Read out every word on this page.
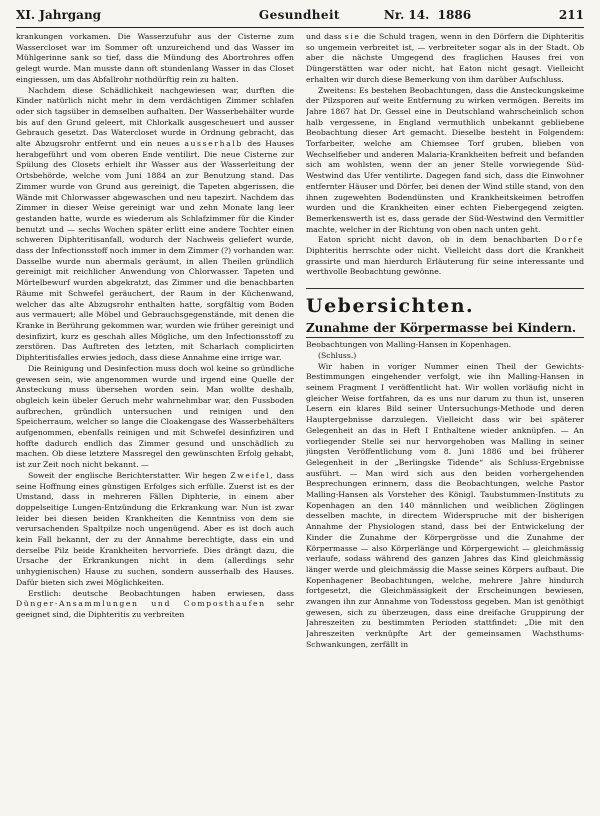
XI. Jahrgang	Gesundheit	Nr. 14. 1886	211

krankungen vorkamen. Die Wasserzufuhr aus der Cisterne zum Wassercloset war im Sommer oft unzureichend und das Wasser im Mühlgerinne sank so tief, dass die Mündung des Abortrohres offen gelegt wurde. Man musste dann oft stundenlang Wasser in das Closet eingiessen, um das Abfallrohr nothdürftig rein zu halten.

Nachdem diese Schädlichkeit nachgewiesen war, durften die Kinder natürlich nicht mehr in dem verdächtigen Zimmer schlafen oder sich tagsüber in demselben aufhalten. Der Wasserbehälter wurde bis auf den Grund geleert, mit Chlorkalk ausgescheuert und ausser Gebrauch gesetzt. Das Watercloset wurde in Ordnung gebracht, das alte Abzugsrohr entfernt und ein neues ausserhalb des Hauses herabgeführt und vom oberen Ende ventilirt. Die neue Cisterne zur Spülung des Closets erhielt ihr Wasser aus der Wasserleitung der Ortsbehörde, welche vom Juni 1884 an zur Benutzung stand. Das Zimmer wurde von Grund aus gereinigt, die Tapeten abgerissen, die Wände mit Chlorwasser abgewaschen und neu tapezirt. Nachdem das Zimmer in dieser Weise gereinigt war und zehn Monate lang leer gestanden hatte, wurde es wiederum als Schlafzimmer für die Kinder benutzt und — sechs Wochen später erlitt eine andere Tochter einen schweren Diphteritisanfall, wodurch der Nachweis geliefert wurde, dass der Infectionsstoff noch immer in dem Zimmer (?) vorhanden war. Dasselbe wurde nun abermals geräumt, in allen Theilen gründlich gereinigt mit reichlicher Anwendung von Chlorwasser. Tapeten und Mörtelbewurf wurden abgekratzt, das Zimmer und die benachbarten Räume mit Schwefel geräuchert, der Raum in der Küchenwand, welcher das alte Abzugsrohr enthalten hatte, sorgfältig vom Boden aus vermauert; alle Möbel und Gebrauchsgegenstände, mit denen die Kranke in Berührung gekommen war, wurden wie früher gereinigt und desinfizirt, kurz es geschah alles Mögliche, um den Infectionsstoff zu zerstören. Das Auftreten des letzten, mit Scharlach complicirten Diphteritisfalles erwies jedoch, dass diese Annahme eine irrige war.

Die Reinigung und Desinfection muss doch wol keine so gründliche gewesen sein, wie angenommen wurde und irgend eine Quelle der Ansteckung muss übersehen worden sein. Man wollte deshalb, obgleich kein übeler Geruch mehr wahrnehmbar war, den Fussboden aufbrechen, gründlich untersuchen und reinigen und den Speicherraum, welcher so lange die Cloakengase des Wasserbehälters aufgenommen, ebenfalls reinigen und mit Schwefel desinfiziren und hoffte dadurch endlich das Zimmer gesund und unschädlich zu machen. Ob diese letztere Massregel den gewünschten Erfolg gehabt, ist zur Zeit noch nicht bekannt. —

Soweit der englische Berichterstatter. Wir hegen Zweifel, dass seine Hoffnung eines günstigen Erfolges sich erfülle. Zuerst ist es der Umstand, dass in mehreren Fällen Diphterie, in einem aber doppelseitige Lungen-Entzündung die Erkrankung war. Nun ist zwar leider bei diesen beiden Krankheiten die Kenntniss von dem sie verursachenden Spaltpilze noch ungenügend. Aber es ist doch auch kein Fall bekannt, der zu der Annahme berechtigte, dass ein und derselbe Pilz beide Krankheiten hervorriefe. Dies drängt dazu, die Ursache der Erkrankungen nicht in dem (allerdings sehr unhygienischen) Hause zu suchen, sondern ausserhalb des Hauses. Dafür bieten sich zwei Möglichkeiten.

Erstlich: deutsche Beobachtungen haben erwiesen, dass Dünger-Ansammlungen und Composthaufen sehr geeignet sind, die Diphteritis zu verbreiten

und dass sie die Schuld tragen, wenn in den Dörfern die Diphteritis so ungemein verbreitet ist, — verbreiteter sogar als in der Stadt. Ob aber die nächste Umgegend des fraglichen Hauses frei von Düngerstätten war oder nicht, hat Eaton nicht gesagt. Vielleicht erhalten wir durch diese Bemerkung von ihm darüber Aufschluss.

Zweitens: Es bestehen Beobachtungen, dass die Ansteckungskeime der Pilzsporen auf weite Entfernung zu wirken vermögen. Bereits im Jahre 1867 hat Dr. Gessel eine in Deutschland wahrscheinlich schon halb vergessene, in England vermuthlich unbekannt gebliebene Beobachtung dieser Art gemacht. Dieselbe besteht in Folgendem: Torfarbeiter, welche am Chiemsee Torf gruben, blieben von Wechselfieber und anderen Malaria-Krankheiten befreit und befanden sich am wohlsten, wenn der an jener Stelle vorwiegende Süd-Westwind das Ufer ventilirte. Dagegen fand sich, dass die Einwohner entfernter Häuser und Dörfer, bei denen der Wind stille stand, von den ihnen zugewehten Bodendünsten und Krankheitskeimen betroffen wurden und die Krankheiten einer echten Fiebergegend zeigten. Bemerkenswerth ist es, dass gerade der Süd-Westwind den Vermittler machte, welcher in der Richtung von oben nach unten geht.

Eaton spricht nicht davon, ob in dem benachbarten Dorfe Diphteritis herrschte oder nicht. Vielleicht dass dort die Krankheit grassirte und man hierdurch Erläuterung für seine interessante und werthvolle Beobachtung gewönne.

Uebersichten.
Zunahme der Körpermasse bei Kindern.

Beobachtungen von Malling-Hansen in Kopenhagen.

(Schluss.)

Wir haben in voriger Nummer einen Theil der Gewichts-Bestimmungen eingehender verfolgt, wie ihn Malling-Hansen in seinem Fragment I veröffentlicht hat. Wir wollen vorläufig nicht in gleicher Weise fortfahren, da es uns nur darum zu thun ist, unseren Lesern ein klares Bild seiner Untersuchungs-Methode und deren Hauptergebnisse darzulegen. Vielleicht dass wir bei späterer Gelegenheit an das in Heft I Enthaltene wieder anknüpfen. — An vorliegender Stelle sei nur hervorgehoben was Malling in seiner jüngsten Veröffentlichung vom 8. Juni 1886 und bei früherer Gelegenheit in der „Berlingske Tidende“ als Schluss-Ergebnisse ausführt. — Man wird sich aus den beiden vorhergehenden Besprechungen erinnern, dass die Beobachtungen, welche Pastor Malling-Hansen als Vorsteher des Königl. Taubstummen-Instituts zu Kopenhagen an den 140 männlichen und weiblichen Zöglingen desselben machte, in directem Widerspruche mit der bisherigen Annahme der Physiologen stand, dass bei der Entwickelung der Kinder die Zunahme der Körpergrösse und die Zunahme der Körpermasse — also Körperlänge und Körpergewicht — gleichmässig verlaufe, sodass während des ganzen Jahres das Kind gleichmässig länger werde und gleichmässig die Masse seines Körpers aufbaut. Die Kopenhagener Beobachtungen, welche, mehrere Jahre hindurch fortgesetzt, die Gleichmässigkeit der Erscheinungen bewiesen, zwangen ihn zur Annahme von Todesstoss gegeben. Man ist genöthigt gewesen, sich zu überzeugen, dass eine dreifache Gruppirung der Jahreszeiten zu bestimmten Perioden stattfindet: „Die mit den Jahreszeiten verknüpfte Art der gemeinsamen Wachsthums-Schwankungen, zerfällt in
